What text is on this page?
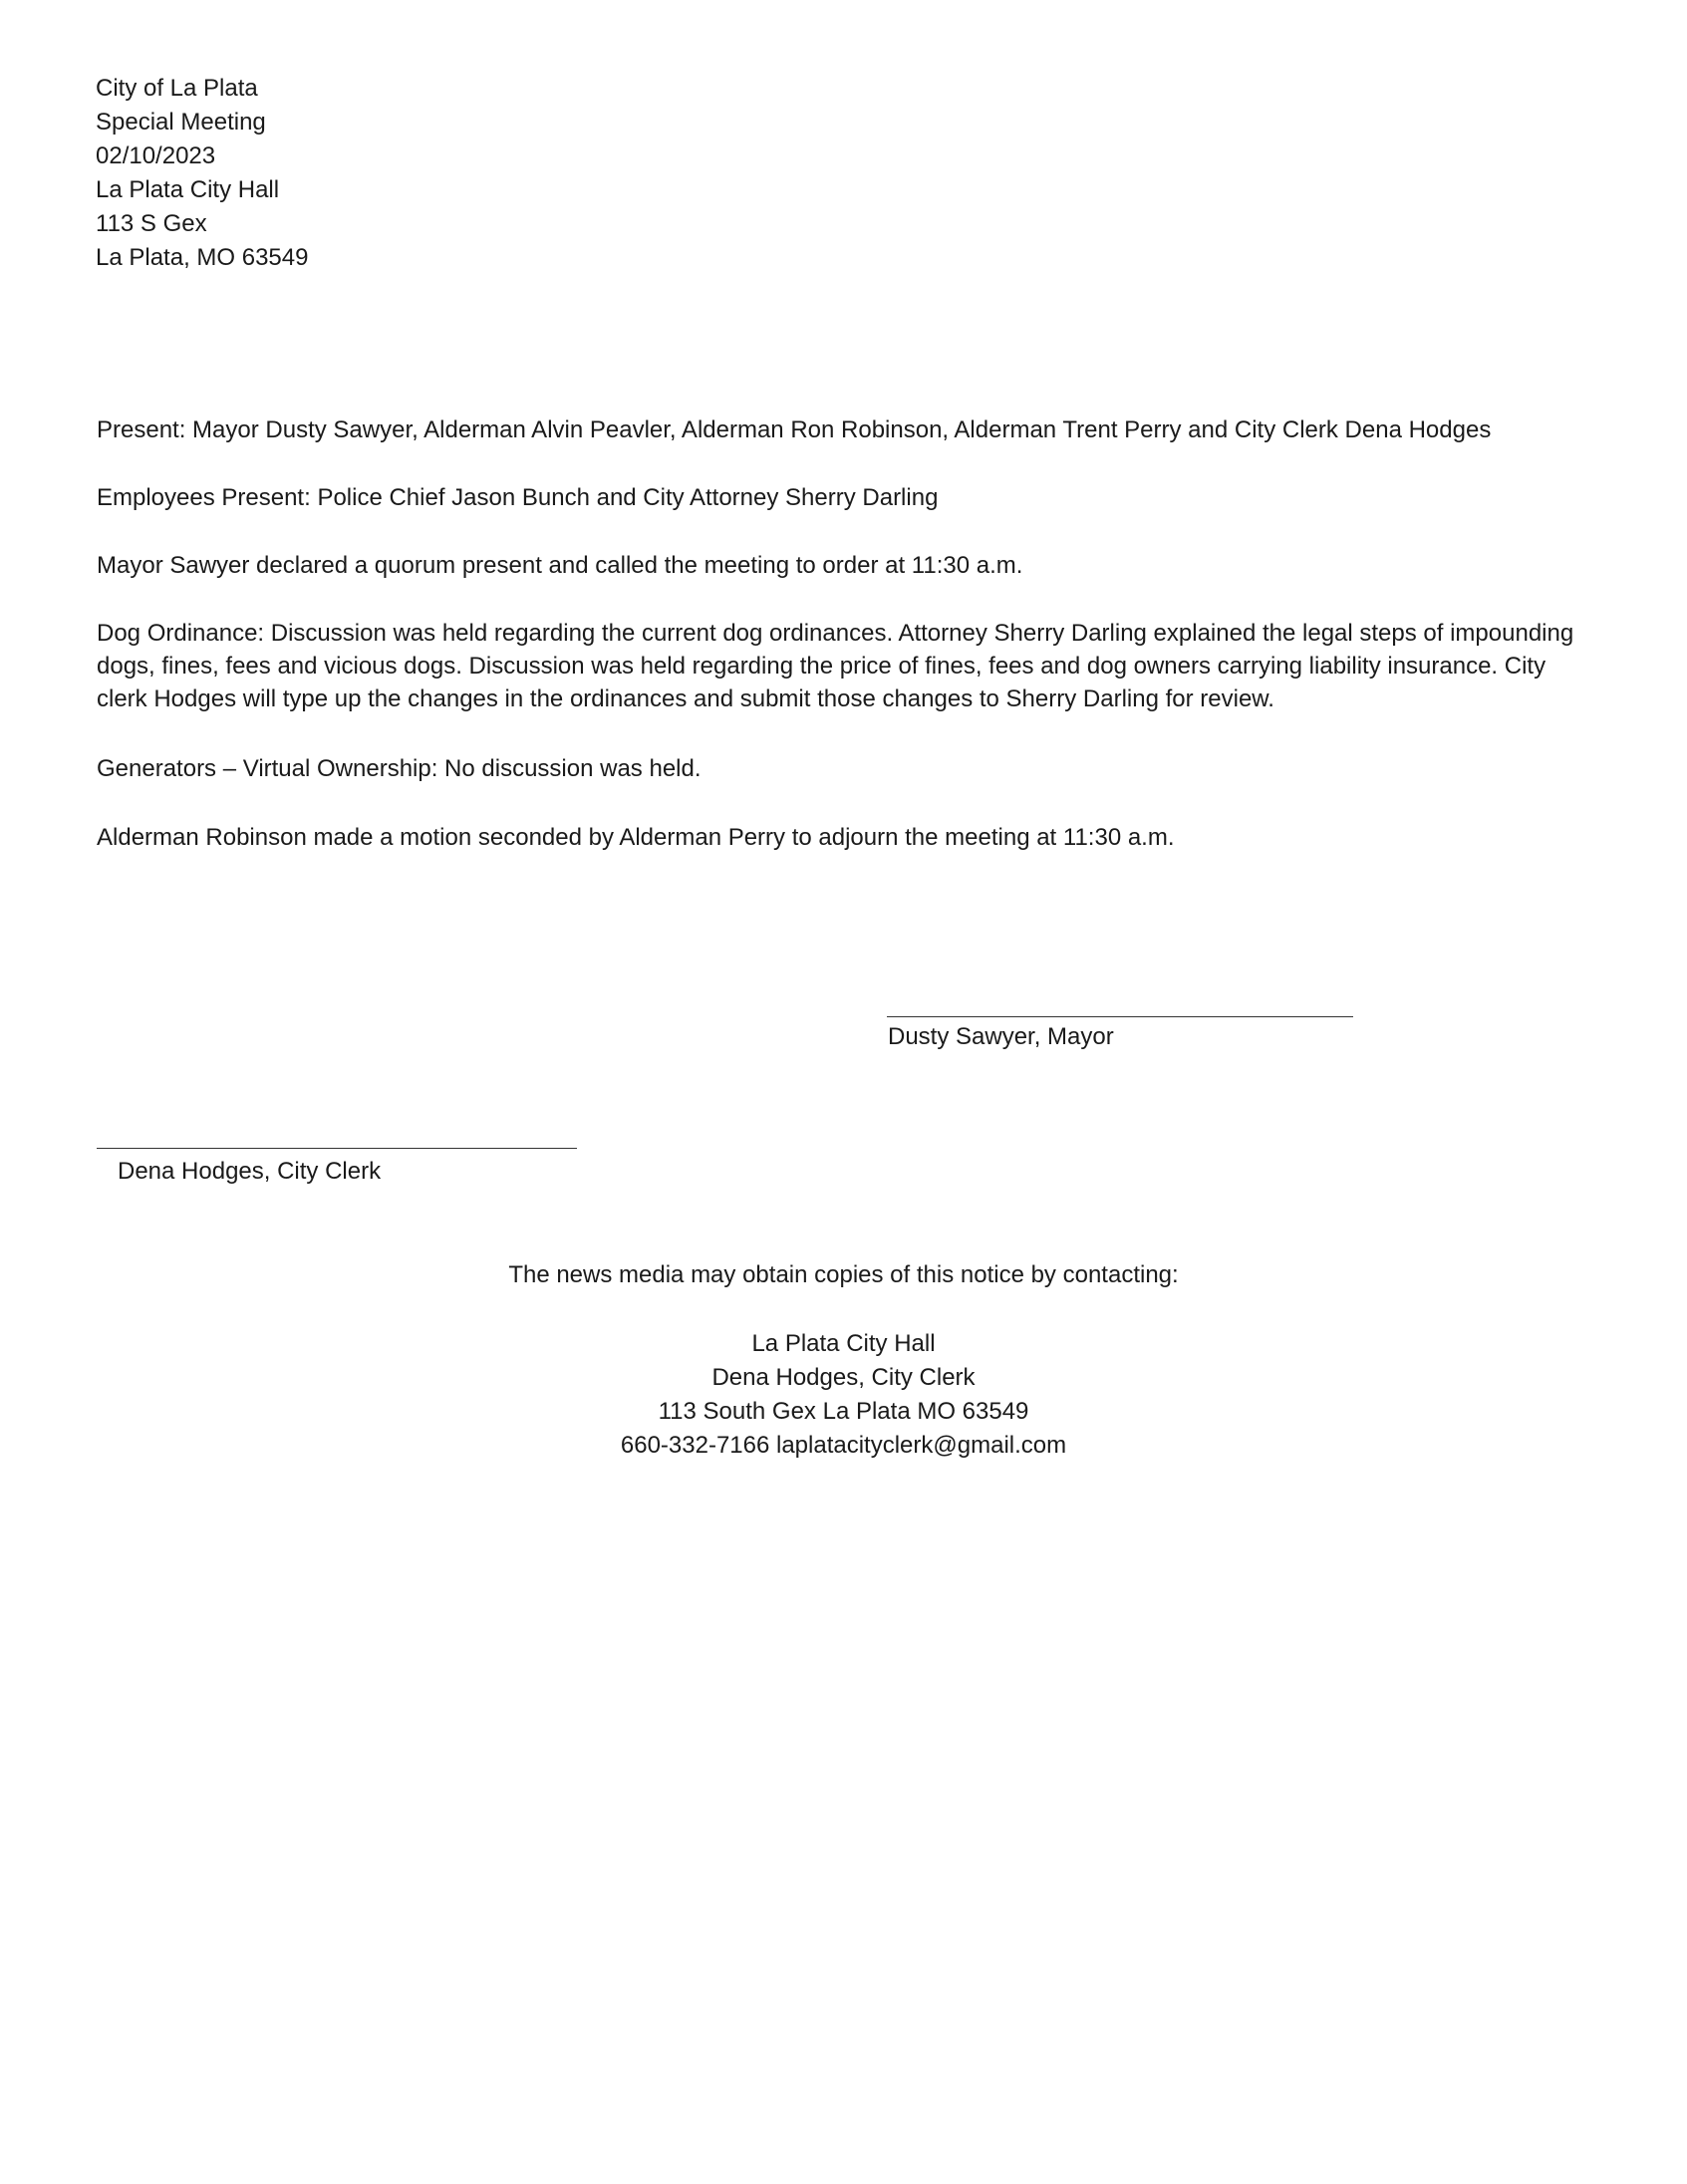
City of La Plata
Special Meeting
02/10/2023
La Plata City Hall
113 S Gex
La Plata, MO 63549
Present: Mayor Dusty Sawyer, Alderman Alvin Peavler, Alderman Ron Robinson, Alderman Trent Perry and City Clerk Dena Hodges
Employees Present: Police Chief Jason Bunch and City Attorney Sherry Darling
Mayor Sawyer declared a quorum present and called the meeting to order at 11:30 a.m.
Dog Ordinance: Discussion was held regarding the current dog ordinances. Attorney Sherry Darling explained the legal steps of impounding dogs, fines, fees and vicious dogs. Discussion was held regarding the price of fines, fees and dog owners carrying liability insurance. City clerk Hodges will type up the changes in the ordinances and submit those changes to Sherry Darling for review.
Generators – Virtual Ownership: No discussion was held.
Alderman Robinson made a motion seconded by Alderman Perry to adjourn the meeting at 11:30 a.m.
Dusty Sawyer, Mayor
Dena Hodges, City Clerk
The news media may obtain copies of this notice by contacting:
La Plata City Hall
Dena Hodges, City Clerk
113 South Gex La Plata MO 63549
660-332-7166 laplatacityclerk@gmail.com
